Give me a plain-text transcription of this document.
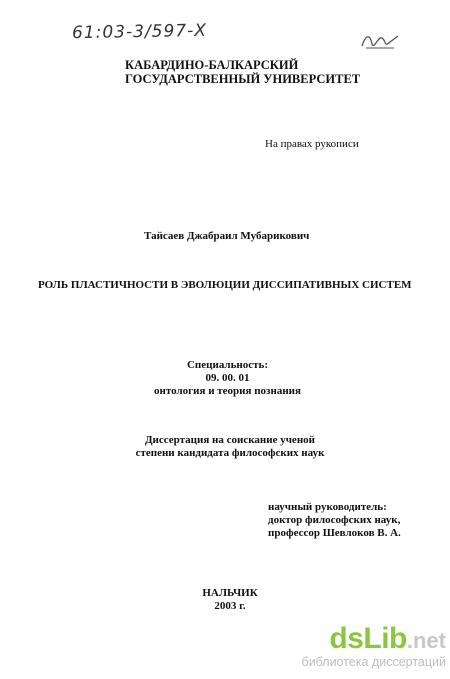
61:03-3/597-Х
КАБАРДИНО-БАЛКАРСКИЙ
ГОСУДАРСТВЕННЫЙ УНИВЕРСИТЕТ
На правах рукописи
Тайсаев Джабраил Мубарикович
РОЛЬ ПЛАСТИЧНОСТИ В ЭВОЛЮЦИИ ДИССИПАТИВНЫХ СИСТЕМ
Специальность:
09. 00. 01
онтология и теория познания
Диссертация на соискание ученой
степени кандидата философских наук
научный руководитель:
доктор философских наук,
профессор Шевлоков В. А.
НАЛЬЧИК
2003 г.
dsLib.net
библиотека диссертаций
